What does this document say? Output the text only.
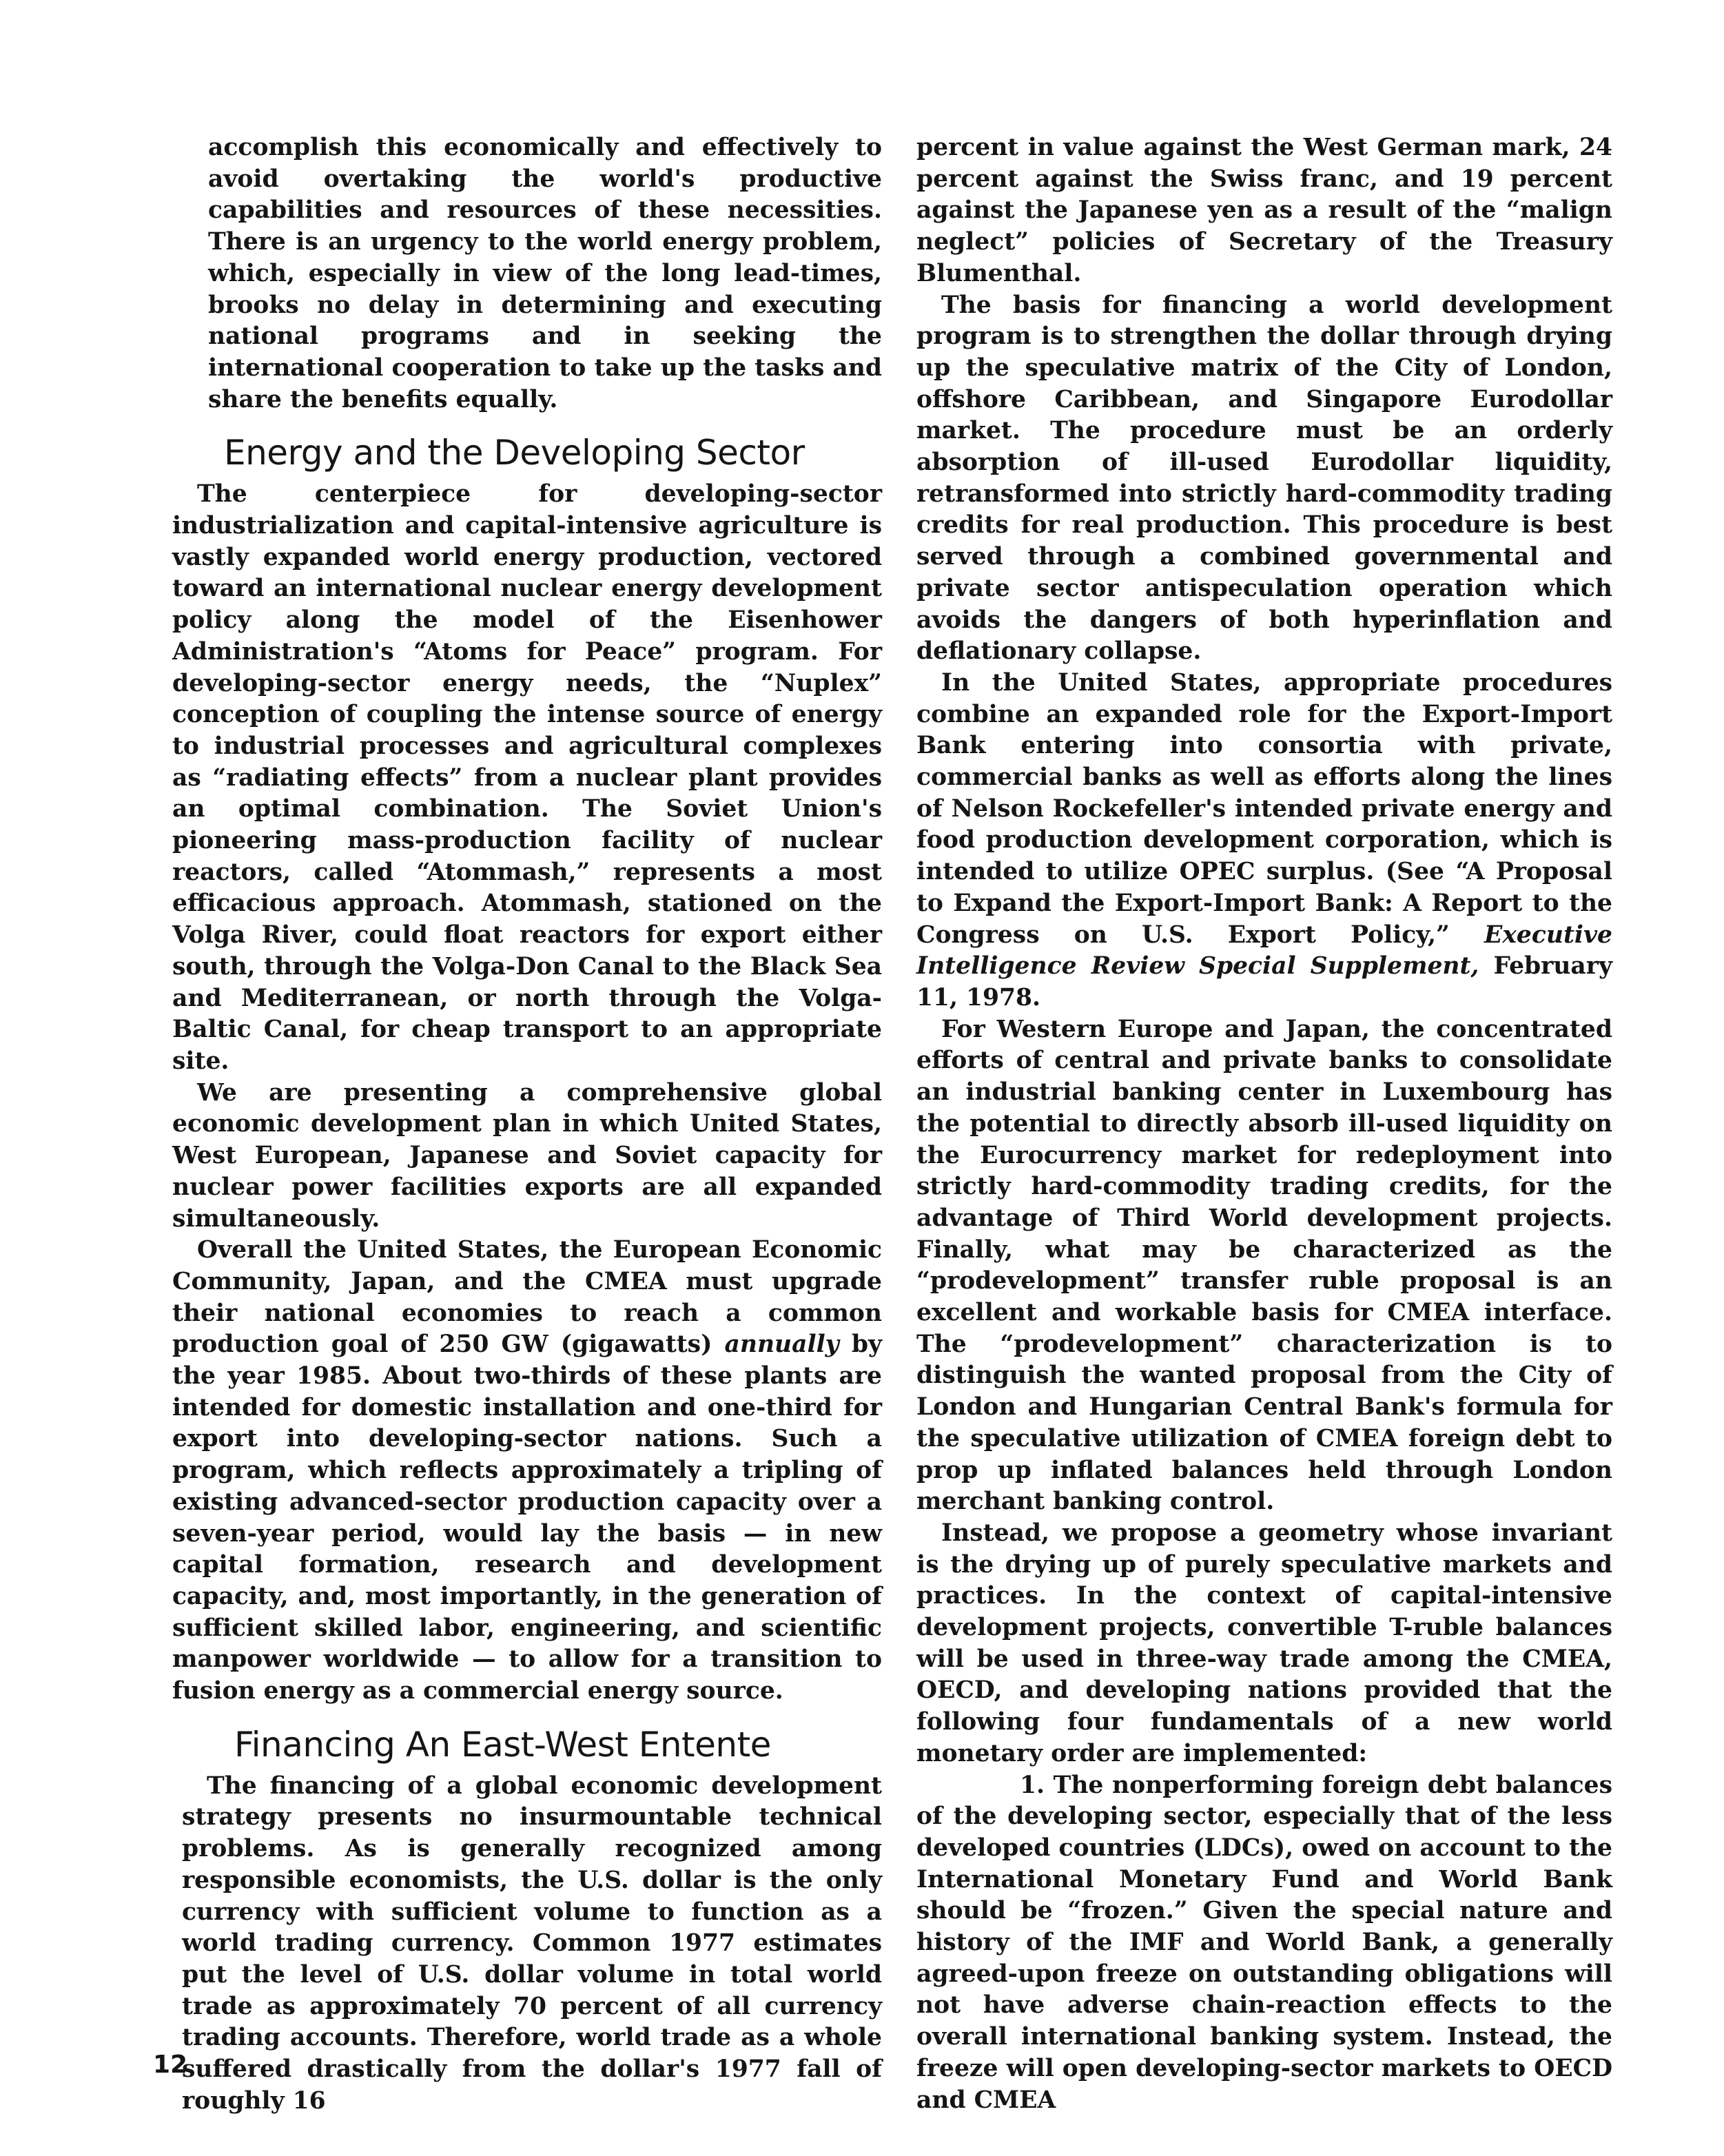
accomplish this economically and effectively to avoid overtaking the world's productive capabilities and resources of these necessities. There is an urgency to the world energy problem, which, especially in view of the long lead-times, brooks no delay in determining and executing national programs and in seeking the international cooperation to take up the tasks and share the benefits equally.

Energy and the Developing Sector

The centerpiece for developing-sector industrialization and capital-intensive agriculture is vastly expanded world energy production, vectored toward an international nuclear energy development policy along the model of the Eisenhower Administration's “Atoms for Peace” program. For developing-sector energy needs, the “Nuplex” conception of coupling the intense source of energy to industrial processes and agricultural complexes as “radiating effects” from a nuclear plant provides an optimal combination. The Soviet Union's pioneering mass-production facility of nuclear reactors, called “Atommash,” represents a most efficacious approach. Atommash, stationed on the Volga River, could float reactors for export either south, through the Volga-Don Canal to the Black Sea and Mediterranean, or north through the Volga-Baltic Canal, for cheap transport to an appropriate site.

We are presenting a comprehensive global economic development plan in which United States, West European, Japanese and Soviet capacity for nuclear power facilities exports are all expanded simultaneously.

Overall the United States, the European Economic Community, Japan, and the CMEA must upgrade their national economies to reach a common production goal of 250 GW (gigawatts) annually by the year 1985. About two-thirds of these plants are intended for domestic installation and one-third for export into developing-sector nations. Such a program, which reflects approximately a tripling of existing advanced-sector production capacity over a seven-year period, would lay the basis — in new capital formation, research and development capacity, and, most importantly, in the generation of sufficient skilled labor, engineering, and scientific manpower worldwide — to allow for a transition to fusion energy as a commercial energy source.

Financing An East-West Entente

The financing of a global economic development strategy presents no insurmountable technical problems. As is generally recognized among responsible economists, the U.S. dollar is the only currency with sufficient volume to function as a world trading currency. Common 1977 estimates put the level of U.S. dollar volume in total world trade as approximately 70 percent of all currency trading accounts. Therefore, world trade as a whole suffered drastically from the dollar's 1977 fall of roughly 16

percent in value against the West German mark, 24 percent against the Swiss franc, and 19 percent against the Japanese yen as a result of the “malign neglect” policies of Secretary of the Treasury Blumenthal.

The basis for financing a world development program is to strengthen the dollar through drying up the speculative matrix of the City of London, offshore Caribbean, and Singapore Eurodollar market. The procedure must be an orderly absorption of ill-used Eurodollar liquidity, retransformed into strictly hard-commodity trading credits for real production. This procedure is best served through a combined governmental and private sector antispeculation operation which avoids the dangers of both hyperinflation and deflationary collapse.

In the United States, appropriate procedures combine an expanded role for the Export-Import Bank entering into consortia with private, commercial banks as well as efforts along the lines of Nelson Rockefeller's intended private energy and food production development corporation, which is intended to utilize OPEC surplus. (See “A Proposal to Expand the Export-Import Bank: A Report to the Congress on U.S. Export Policy,” Executive Intelligence Review Special Supplement, February 11, 1978.

For Western Europe and Japan, the concentrated efforts of central and private banks to consolidate an industrial banking center in Luxembourg has the potential to directly absorb ill-used liquidity on the Eurocurrency market for redeployment into strictly hard-commodity trading credits, for the advantage of Third World development projects. Finally, what may be characterized as the “prodevelopment” transfer ruble proposal is an excellent and workable basis for CMEA interface. The “prodevelopment” characterization is to distinguish the wanted proposal from the City of London and Hungarian Central Bank's formula for the speculative utilization of CMEA foreign debt to prop up inflated balances held through London merchant banking control.

Instead, we propose a geometry whose invariant is the drying up of purely speculative markets and practices. In the context of capital-intensive development projects, convertible T-ruble balances will be used in three-way trade among the CMEA, OECD, and developing nations provided that the following four fundamentals of a new world monetary order are implemented:

1. The nonperforming foreign debt balances of the developing sector, especially that of the less developed countries (LDCs), owed on account to the International Monetary Fund and World Bank should be “frozen.” Given the special nature and history of the IMF and World Bank, a generally agreed-upon freeze on outstanding obligations will not have adverse chain-reaction effects to the overall international banking system. Instead, the freeze will open developing-sector markets to OECD and CMEA

12
